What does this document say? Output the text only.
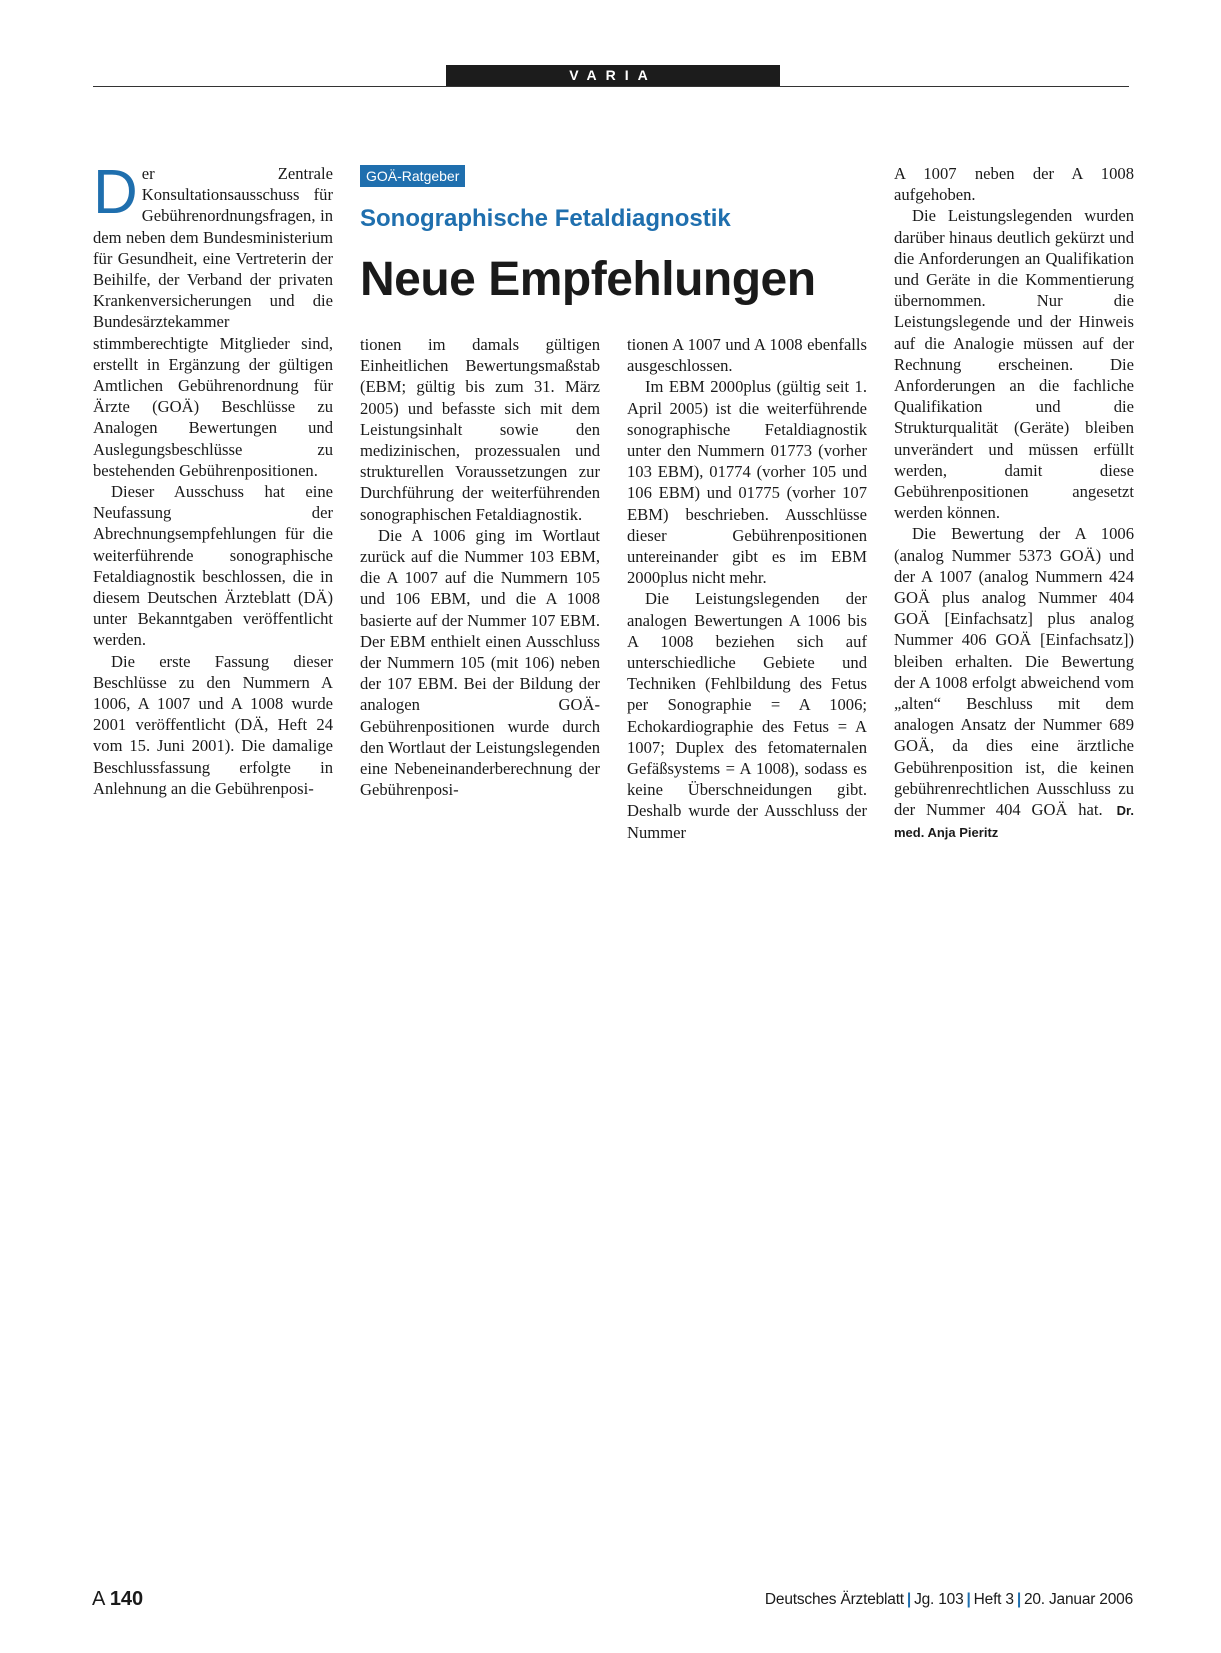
VARIA

Der Zentrale Konsultationsausschuss für Gebührenordnungsfragen, in dem neben dem Bundesministerium für Gesundheit, eine Vertreterin der Beihilfe, der Verband der privaten Krankenversicherungen und die Bundesärztekammer stimmberechtigte Mitglieder sind, erstellt in Ergänzung der gültigen Amtlichen Gebührenordnung für Ärzte (GOÄ) Beschlüsse zu Analogen Bewertungen und Auslegungsbeschlüsse zu bestehenden Gebührenpositionen.

Dieser Ausschuss hat eine Neufassung der Abrechnungsempfehlungen für die weiterführende sonographische Fetaldiagnostik beschlossen, die in diesem Deutschen Ärzteblatt (DÄ) unter Bekanntgaben veröffentlicht werden.

Die erste Fassung dieser Beschlüsse zu den Nummern A 1006, A 1007 und A 1008 wurde 2001 veröffentlicht (DÄ, Heft 24 vom 15. Juni 2001). Die damalige Beschlussfassung erfolgte in Anlehnung an die Gebührenposi-

GOÄ-Ratgeber
Sonographische Fetaldiagnostik
Neue Empfehlungen

tionen im damals gültigen Einheitlichen Bewertungsmaßstab (EBM; gültig bis zum 31. März 2005) und befasste sich mit dem Leistungsinhalt sowie den medizinischen, prozessualen und strukturellen Voraussetzungen zur Durchführung der weiterführenden sonographischen Fetaldiagnostik.

Die A 1006 ging im Wortlaut zurück auf die Nummer 103 EBM, die A 1007 auf die Nummern 105 und 106 EBM, und die A 1008 basierte auf der Nummer 107 EBM. Der EBM enthielt einen Ausschluss der Nummern 105 (mit 106) neben der 107 EBM. Bei der Bildung der analogen GOÄ-Gebührenpositionen wurde durch den Wortlaut der Leistungslegenden eine Nebeneinanderberechnung der Gebührenposi-

tionen A 1007 und A 1008 ebenfalls ausgeschlossen.

Im EBM 2000plus (gültig seit 1. April 2005) ist die weiterführende sonographische Fetaldiagnostik unter den Nummern 01773 (vorher 103 EBM), 01774 (vorher 105 und 106 EBM) und 01775 (vorher 107 EBM) beschrieben. Ausschlüsse dieser Gebührenpositionen untereinander gibt es im EBM 2000plus nicht mehr.

Die Leistungslegenden der analogen Bewertungen A 1006 bis A 1008 beziehen sich auf unterschiedliche Gebiete und Techniken (Fehlbildung des Fetus per Sonographie = A 1006; Echokardiographie des Fetus = A 1007; Duplex des fetomaternalen Gefäßsystems = A 1008), sodass es keine Überschneidungen gibt. Deshalb wurde der Ausschluss der Nummer

A 1007 neben der A 1008 aufgehoben.

Die Leistungslegenden wurden darüber hinaus deutlich gekürzt und die Anforderungen an Qualifikation und Geräte in die Kommentierung übernommen. Nur die Leistungslegende und der Hinweis auf die Analogie müssen auf der Rechnung erscheinen. Die Anforderungen an die fachliche Qualifikation und die Strukturqualität (Geräte) bleiben unverändert und müssen erfüllt werden, damit diese Gebührenpositionen angesetzt werden können.

Die Bewertung der A 1006 (analog Nummer 5373 GOÄ) und der A 1007 (analog Nummern 424 GOÄ plus analog Nummer 404 GOÄ [Einfachsatz] plus analog Nummer 406 GOÄ [Einfachsatz]) bleiben erhalten. Die Bewertung der A 1008 erfolgt abweichend vom „alten“ Beschluss mit dem analogen Ansatz der Nummer 689 GOÄ, da dies eine ärztliche Gebührenposition ist, die keinen gebührenrechtlichen Ausschluss zu der Nummer 404 GOÄ hat. Dr. med. Anja Pieritz

A 140	Deutsches Ärzteblatt | Jg. 103 | Heft 3 | 20. Januar 2006
